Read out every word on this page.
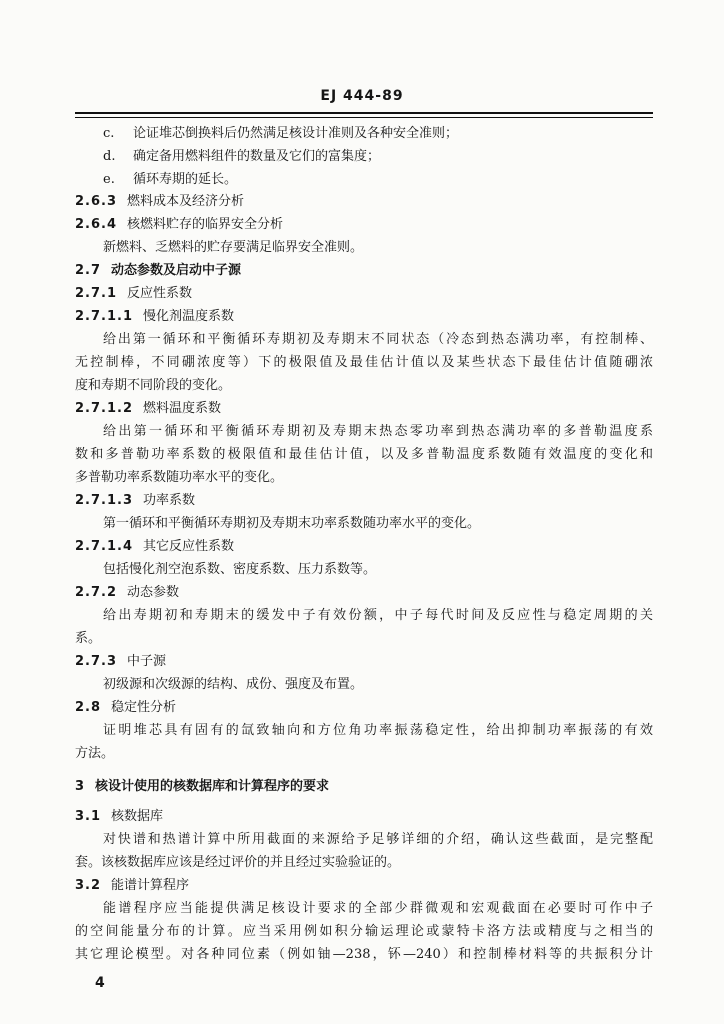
EJ 444-89
c. 论证堆芯倒换料后仍然满足核设计准则及各种安全准则；
d. 确定备用燃料组件的数量及它们的富集度；
e. 循环寿期的延长。
2.6.3 燃料成本及经济分析
2.6.4 核燃料贮存的临界安全分析
新燃料、乏燃料的贮存要满足临界安全准则。
2.7 动态参数及启动中子源
2.7.1 反应性系数
2.7.1.1 慢化剂温度系数
给出第一循环和平衡循环寿期初及寿期末不同状态（冷态到热态满功率，有控制棒、
无控制棒，不同硼浓度等）下的极限值及最佳估计值以及某些状态下最佳估计值随硼浓
度和寿期不同阶段的变化。
2.7.1.2 燃料温度系数
给出第一循环和平衡循环寿期初及寿期末热态零功率到热态满功率的多普勒温度系
数和多普勒功率系数的极限值和最佳估计值，以及多普勒温度系数随有效温度的变化和
多普勒功率系数随功率水平的变化。
2.7.1.3 功率系数
第一循环和平衡循环寿期初及寿期末功率系数随功率水平的变化。
2.7.1.4 其它反应性系数
包括慢化剂空泡系数、密度系数、压力系数等。
2.7.2 动态参数
给出寿期初和寿期末的缓发中子有效份额，中子每代时间及反应性与稳定周期的关
系。
2.7.3 中子源
初级源和次级源的结构、成份、强度及布置。
2.8 稳定性分析
证明堆芯具有固有的氙致轴向和方位角功率振荡稳定性，给出抑制功率振荡的有效
方法。
3 核设计使用的核数据库和计算程序的要求
3.1 核数据库
对快谱和热谱计算中所用截面的来源给予足够详细的介绍，确认这些截面，是完整配
套。该核数据库应该是经过评价的并且经过实验验证的。
3.2 能谱计算程序
能谱程序应当能提供满足核设计要求的全部少群微观和宏观截面在必要时可作中子
的空间能量分布的计算。应当采用例如积分输运理论或蒙特卡洛方法或精度与之相当的
其它理论模型。对各种同位素（例如铀—238，钚—240）和控制棒材料等的共振积分计
4
